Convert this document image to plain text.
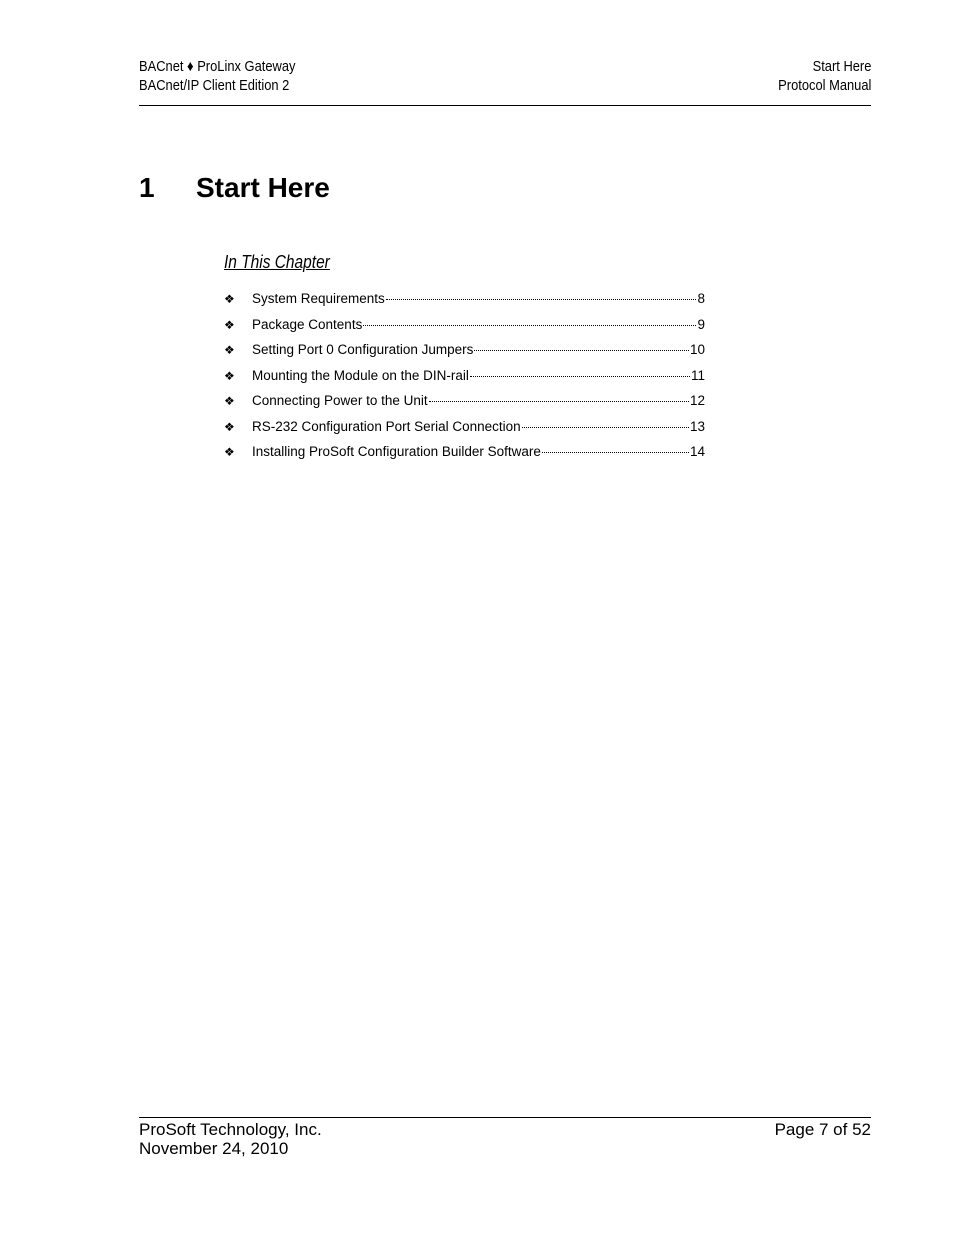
BACnet ♦ ProLinx Gateway
BACnet/IP Client Edition 2
Start Here
Protocol Manual
1 Start Here
In This Chapter
❖ System Requirements	8
❖ Package Contents	9
❖ Setting Port 0 Configuration Jumpers	10
❖ Mounting the Module on the DIN-rail	11
❖ Connecting Power to the Unit	12
❖ RS-232 Configuration Port Serial Connection	13
❖ Installing ProSoft Configuration Builder Software	14
ProSoft Technology, Inc.
November 24, 2010
Page 7 of 52
